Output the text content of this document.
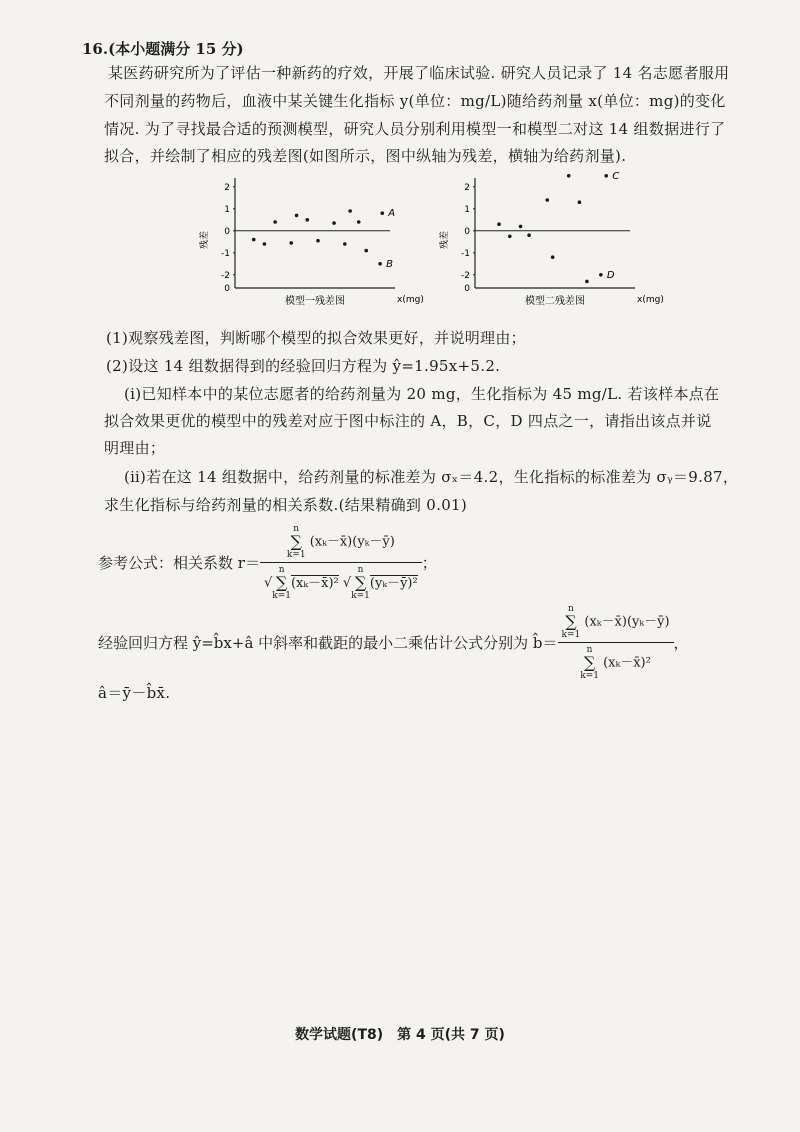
16.(本小题满分 15 分)
某医药研究所为了评估一种新药的疗效，开展了临床试验. 研究人员记录了 14 名志愿者服用
不同剂量的药物后，血液中某关键生化指标 y(单位：mg/L)随给药剂量 x(单位：mg)的变化
情况. 为了寻找最合适的预测模型，研究人员分别利用模型一和模型二对这 14 组数据进行了
拟合，并绘制了相应的残差图(如图所示，图中纵轴为残差，横轴为给药剂量).
2
1
0
-1
-2
0
残差
x(mg)
模型一残差图
A
B
2
1
0
-1
-2
0
残差
x(mg)
模型二残差图
D
C
(1)观察残差图，判断哪个模型的拟合效果更好，并说明理由；
(2)设这 14 组数据得到的经验回归方程为 ŷ=1.95x+5.2.
(ⅰ)已知样本中的某位志愿者的给药剂量为 20 mg，生化指标为 45 mg/L. 若该样本点在
拟合效果更优的模型中的残差对应于图中标注的 A，B，C，D 四点之一，请指出该点并说
明理由；
(ⅱ)若在这 14 组数据中，给药剂量的标准差为 σₓ＝4.2，生化指标的标准差为 σᵧ＝9.87，
求生化指标与给药剂量的相关系数.(结果精确到 0.01)
参考公式：相关系数 r＝ n
∑
k=1
(xₖ－x̄)(yₖ－ȳ)
√
n
∑
k=1
(xₖ－x̄)² √
n
∑
k=1
(yₖ－ȳ)² ；
经验回归方程 ŷ=b̂x+â 中斜率和截距的最小二乘估计公式分别为 b̂＝ n
∑
k=1
(xₖ－x̄)(yₖ－ȳ)
n
∑
k=1
(xₖ－x̄)² ，
â＝ȳ－b̂x̄.
数学试题(T8)　第 4 页(共 7 页)
